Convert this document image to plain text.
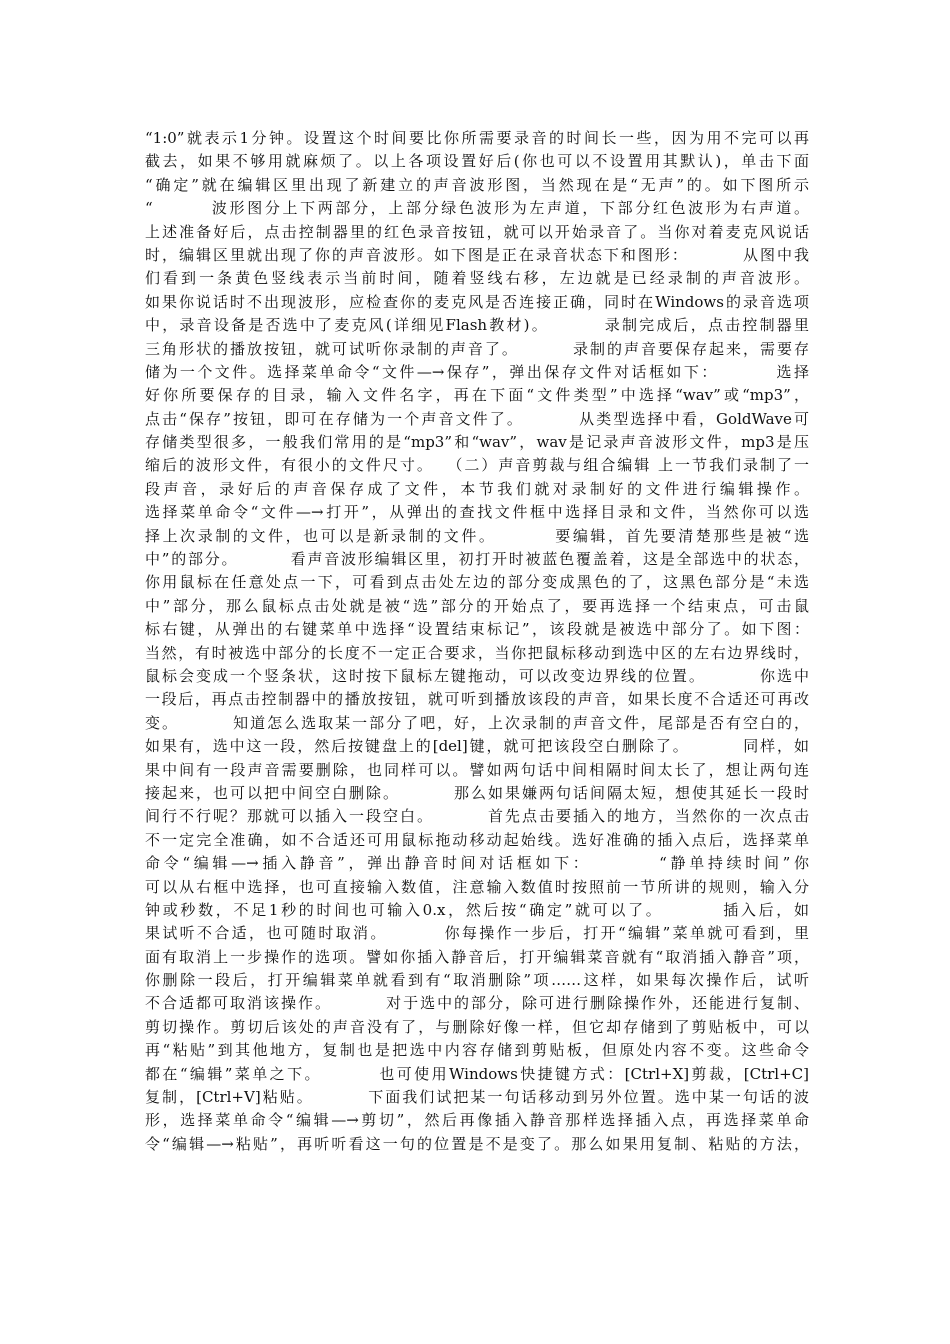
“1:0”就表示1分钟。设置这个时间要比你所需要录音的时间长一些，因为用不完可以再
截去，如果不够用就麻烦了。以上各项设置好后(你也可以不设置用其默认)，单击下面
“确定”就在编辑区里出现了新建立的声音波形图，当然现在是“无声”的。如下图所示
“        波形图分上下两部分，上部分绿色波形为左声道，下部分红色波形为右声道。
上述准备好后，点击控制器里的红色录音按钮，就可以开始录音了。当你对着麦克风说话
时，编辑区里就出现了你的声音波形。如下图是正在录音状态下和图形：        从图中我
们看到一条黄色竖线表示当前时间，随着竖线右移，左边就是已经录制的声音波形。
如果你说话时不出现波形，应检查你的麦克风是否连接正确，同时在Windows的录音选项
中，录音设备是否选中了麦克风(详细见Flash教材)。        录制完成后，点击控制器里
三角形状的播放按钮，就可试听你录制的声音了。        录制的声音要保存起来，需要存
储为一个文件。选择菜单命令“文件—→保存”，弹出保存文件对话框如下：        选择
好你所要保存的目录，输入文件名字，再在下面“文件类型”中选择“wav”或“mp3”，
点击“保存”按钮，即可在存储为一个声音文件了。        从类型选择中看，GoldWave可
存储类型很多，一般我们常用的是“mp3”和“wav”，wav是记录声音波形文件，mp3是压
缩后的波形文件，有很小的文件尺寸。  （二）声音剪裁与组合编辑 上一节我们录制了一
段声音，录好后的声音保存成了文件，本节我们就对录制好的文件进行编辑操作。
选择菜单命令“文件—→打开”，从弹出的查找文件框中选择目录和文件，当然你可以选
择上次录制的文件，也可以是新录制的文件。        要编辑，首先要清楚那些是被“选
中”的部分。        看声音波形编辑区里，初打开时被蓝色覆盖着，这是全部选中的状态，
你用鼠标在任意处点一下，可看到点击处左边的部分变成黑色的了，这黑色部分是“未选
中”部分，那么鼠标点击处就是被“选”部分的开始点了，要再选择一个结束点，可击鼠
标右键，从弹出的右键菜单中选择“设置结束标记”，该段就是被选中部分了。如下图：
当然，有时被选中部分的长度不一定正合要求，当你把鼠标移动到选中区的左右边界线时，
鼠标会变成一个竖条状，这时按下鼠标左键拖动，可以改变边界线的位置。        你选中
一段后，再点击控制器中的播放按钮，就可听到播放该段的声音，如果长度不合适还可再改
变。        知道怎么选取某一部分了吧，好，上次录制的声音文件，尾部是否有空白的，
如果有，选中这一段，然后按键盘上的[del]键，就可把该段空白删除了。        同样，如
果中间有一段声音需要删除，也同样可以。譬如两句话中间相隔时间太长了，想让两句连
接起来，也可以把中间空白删除。        那么如果嫌两句话间隔太短，想使其延长一段时
间行不行呢？那就可以插入一段空白。        首先点击要插入的地方，当然你的一次点击
不一定完全准确，如不合适还可用鼠标拖动移动起始线。选好准确的插入点后，选择菜单
命令“编辑—→插入静音”，弹出静音时间对话框如下：        “静单持续时间”你
可以从右框中选择，也可直接输入数值，注意输入数值时按照前一节所讲的规则，输入分
钟或秒数，不足1秒的时间也可输入0.x，然后按“确定”就可以了。        插入后，如
果试听不合适，也可随时取消。        你每操作一步后，打开“编辑”菜单就可看到，里
面有取消上一步操作的选项。譬如你插入静音后，打开编辑菜音就有“取消插入静音”项，
你删除一段后，打开编辑菜单就看到有“取消删除”项……这样，如果每次操作后，试听
不合适都可取消该操作。        对于选中的部分，除可进行删除操作外，还能进行复制、
剪切操作。剪切后该处的声音没有了，与删除好像一样，但它却存储到了剪贴板中，可以
再“粘贴”到其他地方，复制也是把选中内容存储到剪贴板，但原处内容不变。这些命令
都在“编辑”菜单之下。        也可使用Windows快捷键方式：[Ctrl+X]剪裁，[Ctrl+C]
复制，[Ctrl+V]粘贴。        下面我们试把某一句话移动到另外位置。选中某一句话的波
形，选择菜单命令“编辑—→剪切”，然后再像插入静音那样选择插入点，再选择菜单命
令“编辑—→粘贴”，再听听看这一句的位置是不是变了。那么如果用复制、粘贴的方法，
